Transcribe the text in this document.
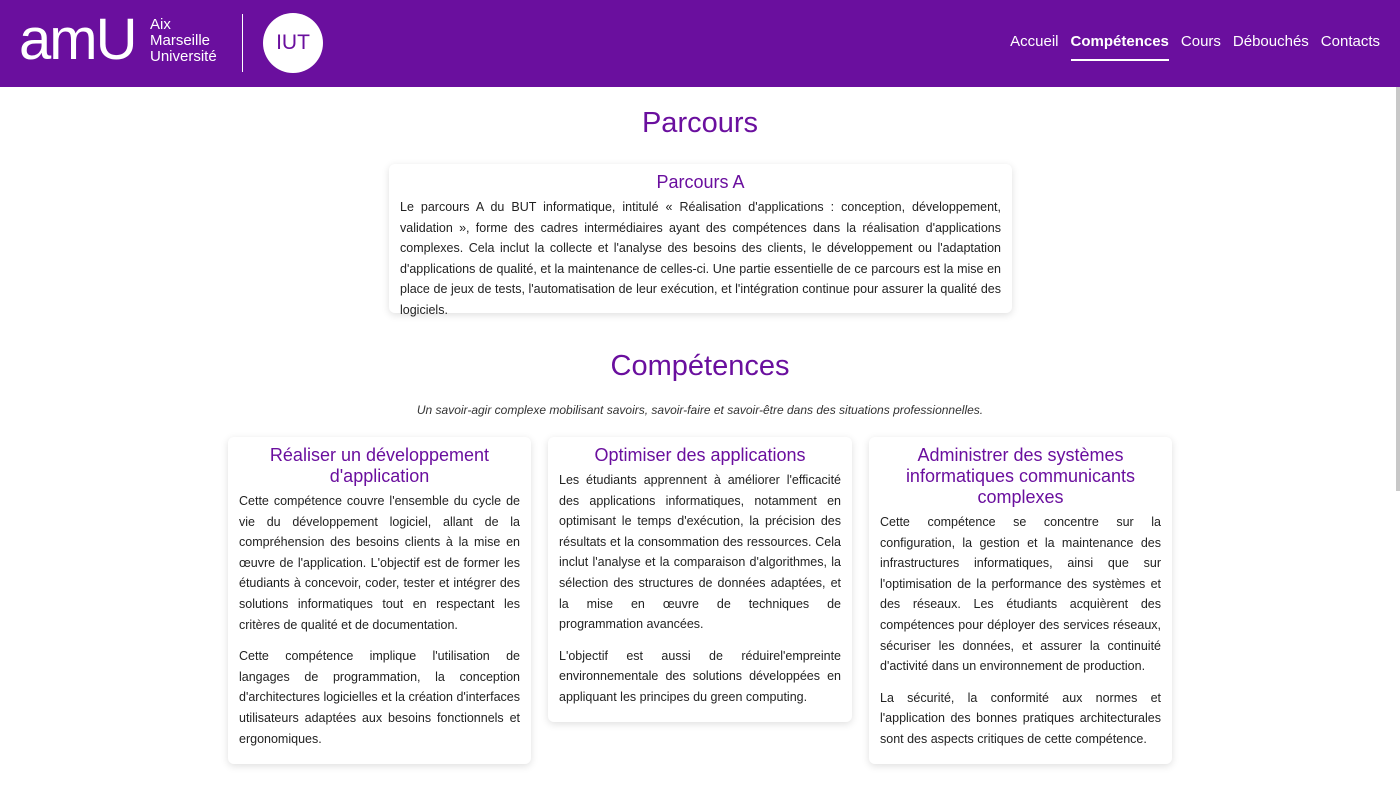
amU Aix
Marseille
Université
IUT	Accueil Compétences Cours Débouchés Contacts
Parcours
Parcours A

Le parcours A du BUT informatique, intitulé « Réalisation d'applications : conception, développement, validation », forme des cadres intermédiaires ayant des compétences dans la réalisation d'applications complexes. Cela inclut la collecte et l'analyse des besoins des clients, le développement ou l'adaptation d'applications de qualité, et la maintenance de celles-ci. Une partie essentielle de ce parcours est la mise en place de jeux de tests, l'automatisation de leur exécution, et l'intégration continue pour assurer la qualité des logiciels.

Compétences
Un savoir-agir complexe mobilisant savoirs, savoir-faire et savoir-être dans des situations professionnelles.
Réaliser un développement d'application

Cette compétence couvre l'ensemble du cycle de vie du développement logiciel, allant de la compréhension des besoins clients à la mise en œuvre de l'application. L'objectif est de former les étudiants à concevoir, coder, tester et intégrer des solutions informatiques tout en respectant les critères de qualité et de documentation.

Cette compétence implique l'utilisation de langages de programmation, la conception d'architectures logicielles et la création d'interfaces utilisateurs adaptées aux besoins fonctionnels et ergonomiques.

Optimiser des applications

Les étudiants apprennent à améliorer l'efficacité des applications informatiques, notamment en optimisant le temps d'exécution, la précision des résultats et la consommation des ressources. Cela inclut l'analyse et la comparaison d'algorithmes, la sélection des structures de données adaptées, et la mise en œuvre de techniques de programmation avancées.

L'objectif est aussi de réduirel'empreinte environnementale des solutions développées en appliquant les principes du green computing.

Administrer des systèmes informatiques communicants complexes

Cette compétence se concentre sur la configuration, la gestion et la maintenance des infrastructures informatiques, ainsi que sur l'optimisation de la performance des systèmes et des réseaux. Les étudiants acquièrent des compétences pour déployer des services réseaux, sécuriser les données, et assurer la continuité d'activité dans un environnement de production.

La sécurité, la conformité aux normes et l'application des bonnes pratiques architecturales sont des aspects critiques de cette compétence.
